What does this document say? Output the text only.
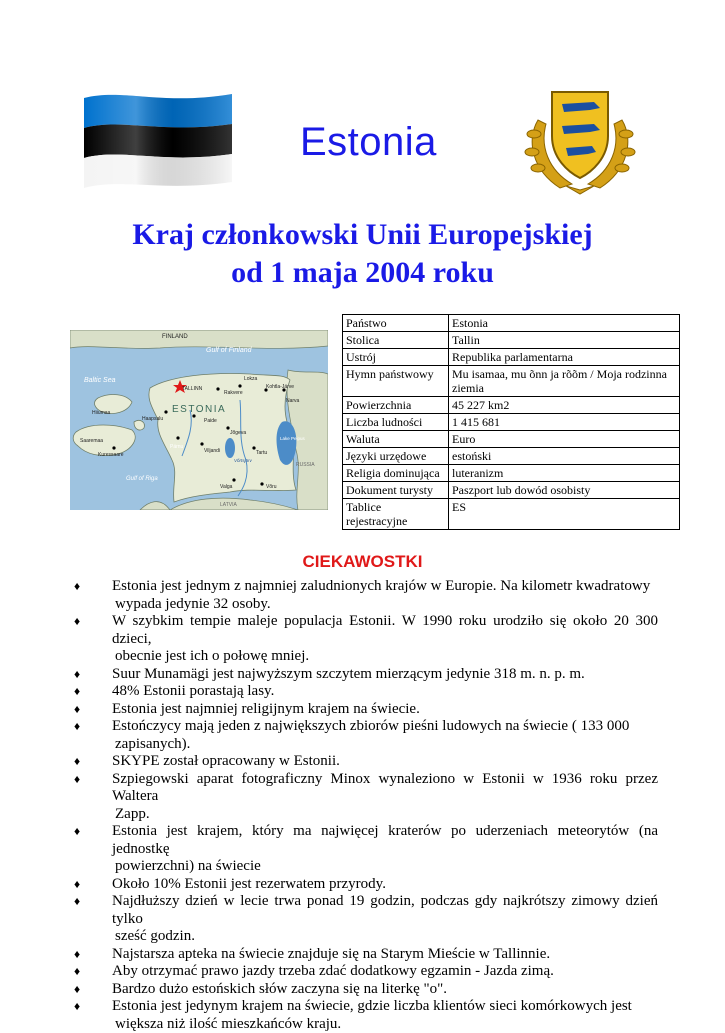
Estonia
Kraj członkowski Unii Europejskiej
od 1 maja 2004 roku
FINLAND
Gulf of Finland
Baltic Sea
ESTONIA
TALLINN
Lokza
Rakvere
Kohtla-Järve
Narva
Haapsalu
Hiiumaa
Saaremaa
Kuressaare
Paide
Pärnu
Jõgeva
Viljandi	Tartu
Lake Peipus
Võrtsjärv
Valga	Võru
Gulf of Riga
RUSSIA
LATVIA
Państwo	Estonia
Stolica	Tallin
Ustrój	Republika parlamentarna
Hymn państwowy	Mu isamaa, mu õnn ja rõõm / Moja rodzinna ziemia
Powierzchnia	45 227 km2
Liczba ludności	1 415 681
Waluta	Euro
Języki urzędowe	estoński
Religia dominująca	luteranizm
Dokument turysty	Paszport lub dowód osobisty
Tablice rejestracyjne	ES
CIEKAWOSTKI
♦ Estonia jest jednym z najmniej zaludnionych krajów w Europie. Na kilometr kwadratowy
wypada jedynie 32 osoby.
♦ W szybkim tempie maleje populacja Estonii. W 1990 roku urodziło się około 20 300 dzieci,
obecnie jest ich o połowę mniej.
♦ Suur Munamägi jest najwyższym szczytem mierzącym jedynie 318 m. n. p. m.
♦ 48% Estonii porastają lasy.
♦ Estonia jest najmniej religijnym krajem na świecie.
♦ Estończycy mają jeden z największych zbiorów pieśni ludowych na świecie ( 133 000
zapisanych).
♦ SKYPE został opracowany w Estonii.
♦ Szpiegowski aparat fotograficzny Minox wynaleziono w Estonii w 1936 roku przez Waltera
Zapp.
♦ Estonia jest krajem, który ma najwięcej kraterów po uderzeniach meteorytów (na jednostkę
powierzchni) na świecie
♦ Około 10% Estonii jest rezerwatem przyrody.
♦ Najdłuższy dzień w lecie trwa ponad 19 godzin, podczas gdy najkrótszy zimowy dzień tylko
sześć godzin.
♦ Najstarsza apteka na świecie znajduje się na Starym Mieście w Tallinnie.
♦ Aby otrzymać prawo jazdy trzeba zdać dodatkowy egzamin - Jazda zimą.
♦ Bardzo dużo estońskich słów zaczyna się na literkę "o".
♦ Estonia jest jedynym krajem na świecie, gdzie liczba klientów sieci komórkowych jest
większa niż ilość mieszkańców kraju.
